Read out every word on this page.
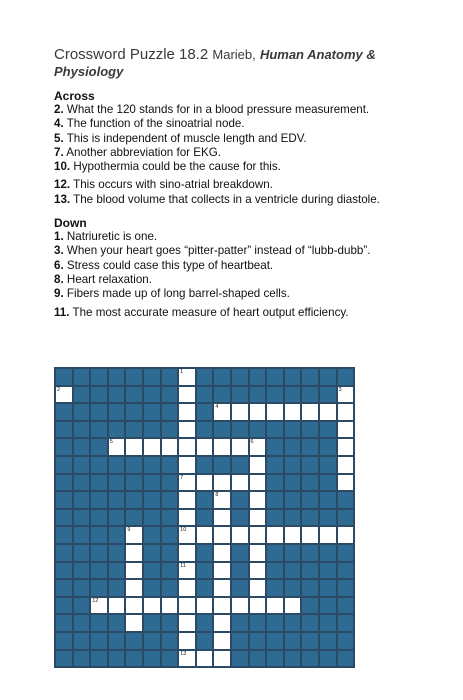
Crossword Puzzle 18.2 Marieb, Human Anatomy & Physiology
Across
2. What the 120 stands for in a blood pressure measurement.
4. The function of the sinoatrial node.
5. This is independent of muscle length and EDV.
7. Another abbreviation for EKG.
10. Hypothermia could be the cause for this.
12. This occurs with sino-atrial breakdown.
13. The blood volume that collects in a ventricle during diastole.
Down
1. Natriuretic is one.
3. When your heart goes “pitter-patter” instead of “lubb-dubb”.
6. Stress could case this type of heartbeat.
8. Heart relaxation.
9. Fibers made up of long barrel-shaped cells.
11. The most accurate measure of heart output efficiency.
1
2	3
4
5	6
7
8
9	10
11
12
13
